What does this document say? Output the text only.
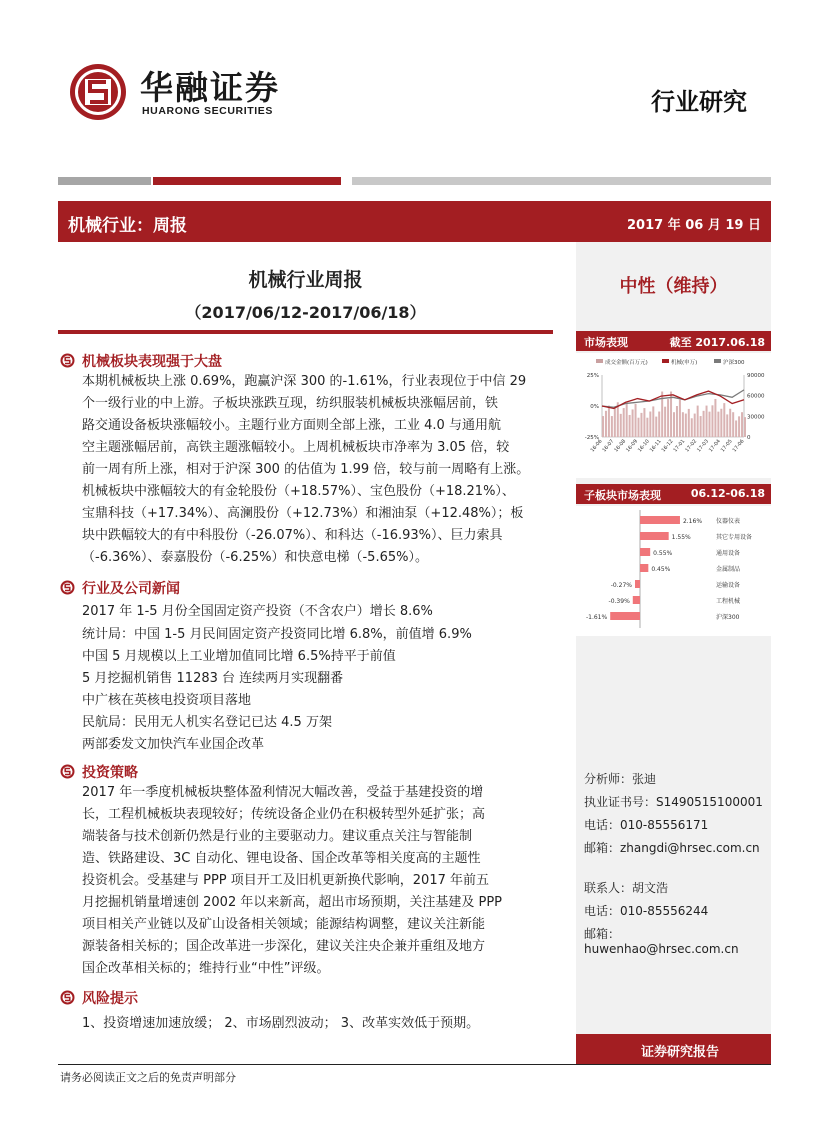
华融证券
HUARONG SECURITIES	行业研究
机械行业：周报	2017 年 06 月 19 日
机械行业周报
（2017/06/12-2017/06/18）
机械板块表现强于大盘
本期机械板块上涨 0.69%，跑赢沪深 300 的-1.61%，行业表现位于中信 29
个一级行业的中上游。子板块涨跌互现，纺织服装机械板块涨幅居前，铁
路交通设备板块涨幅较小。主题行业方面则全部上涨，工业 4.0 与通用航
空主题涨幅居前，高铁主题涨幅较小。上周机械板块市净率为 3.05 倍，较
前一周有所上涨，相对于沪深 300 的估值为 1.99 倍，较与前一周略有上涨。
机械板块中涨幅较大的有金轮股份（+18.57%）、宝色股份（+18.21%）、
宝鼎科技（+17.34%）、高澜股份（+12.73%）和湘油泵（+12.48%）；板
块中跌幅较大的有中科股份（-26.07%）、和科达（-16.93%）、巨力索具
（-6.36%）、泰嘉股份（-6.25%）和快意电梯（-5.65%）。
行业及公司新闻
2017 年 1-5 月份全国固定资产投资（不含农户）增长 8.6%
统计局：中国 1-5 月民间固定资产投资同比增 6.8%，前值增 6.9%
中国 5 月规模以上工业增加值同比增 6.5%持平于前值
5 月挖掘机销售 11283 台 连续两月实现翻番
中广核在英核电投资项目落地
民航局：民用无人机实名登记已达 4.5 万架
两部委发文加快汽车业国企改革
投资策略
2017 年一季度机械板块整体盈利情况大幅改善，受益于基建投资的增
长，工程机械板块表现较好；传统设备企业仍在积极转型外延扩张；高
端装备与技术创新仍然是行业的主要驱动力。建议重点关注与智能制
造、铁路建设、3C 自动化、锂电设备、国企改革等相关度高的主题性
投资机会。受基建与 PPP 项目开工及旧机更新换代影响，2017 年前五
月挖掘机销量增速创 2002 年以来新高，超出市场预期，关注基建及 PPP
项目相关产业链以及矿山设备相关领域；能源结构调整，建议关注新能
源装备相关标的；国企改革进一步深化，建议关注央企兼并重组及地方
国企改革相关标的；维持行业“中性”评级。
风险提示
1、投资增速加速放缓； 2、市场剧烈波动； 3、改革实效低于预期。
中性（维持）
市场表现	截至 2017.06.18
成交金额(百万元)	机械(申万)	沪深300
25%
0%
-25%
90000
60000
30000
0
16-06
16-07
16-08
16-09
16-10
16-11
16-12
17-01
17-02
17-03
17-04
17-05
17-06
子板块市场表现	06.12-06.18
2.16% 仪器仪表
1.55%	其它专用设备
0.55%	通用设备
0.45%	金属制品
-0.27%	运输设备
-0.39%	工程机械
-1.61%	沪深300
分析师：张迪
执业证书号：S1490515100001
电话：010-85556171
邮箱：zhangdi@hrsec.com.cn
联系人：胡文浩
电话：010-85556244
邮箱：huwenhao@hrsec.com.cn
证券研究报告
请务必阅读正文之后的免责声明部分
